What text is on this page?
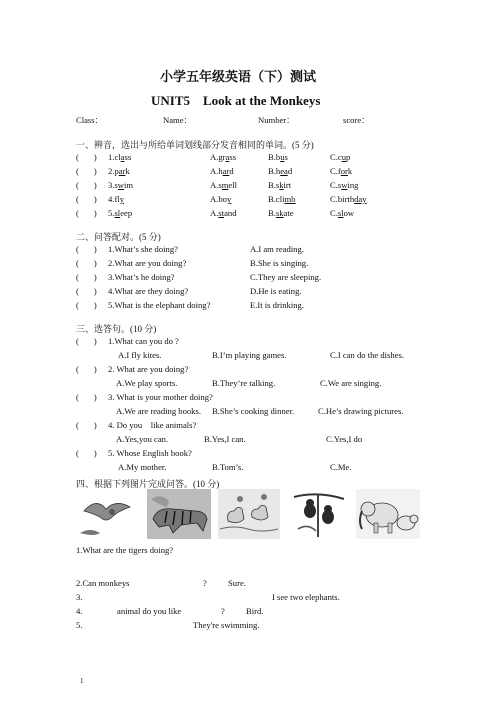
小学五年级英语（下）测试
UNIT5    Look at the Monkeys
Class：	Name：	Number：	score：
一、辨音，选出与所给单词划线部分发音相同的单词。(5 分)
(       ) 1.class	A.grass	B.bus	C.cup
(       ) 2.park	A.hard	B.head	C.fork
(       ) 3.swim	A.smell	B.skirt	C.swing
(       ) 4.fly	A.boy	B.climb	C.birthday
(       ) 5.sleep	A.stand	B.skate	C.slow
二、问答配对。(5 分)
(       ) 1.What’s she doing?	A.I am reading.
(       ) 2.What are you doing?	B.She is singing.
(       ) 3.What’s he doing?	C.They are sleeping.
(       ) 4.What are they doing?	D.He is eating.
(       ) 5.What is the elephant doing?	E.It is drinking.
三、选答句。(10 分)
(       ) 1.What can you do ?
A.I fly kites.	B.I’m playing games.	C.I can do the dishes.
(       ) 2. What are you doing?
A.We play sports.	B.They’re talking.	C.We are singing.
(       ) 3. What is your mother doing?
A.We are reading books. B.She’s cooking dinner.	C.He’s drawing pictures.
(       ) 4. Do you    like animals?
A.Yes,you can.	B.Yes,I can.	C.Yes,I do
(       ) 5. Whose English book?
A.My mother.	B.Tom’s.	C.Me.
四、根据下列图片完成问答。(10 分)
1.What are the tigers doing?
2.Can monkeys	? Sure.
3.	I see two elephants.
4.	animal do you like	? Bird.
5.	They're swimming.
1
